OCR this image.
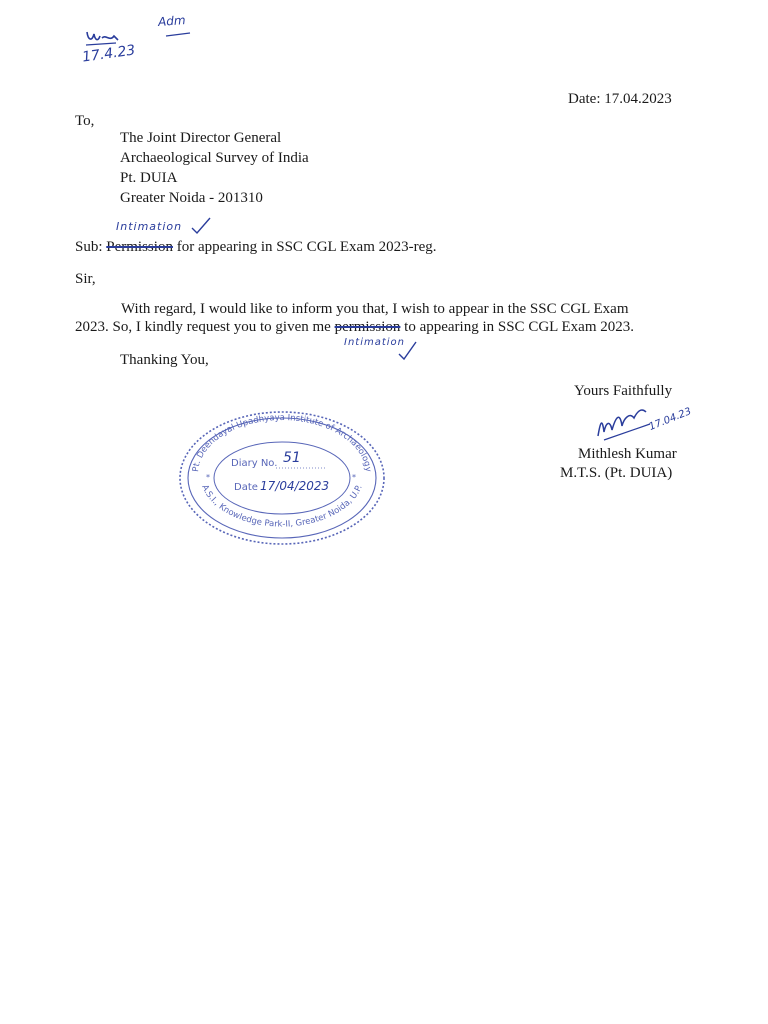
17.4.23
Adm
Date: 17.04.2023
To,
The Joint Director General
Archaeological Survey of India
Pt. DUIA
Greater Noida - 201310
Intimation
Sub: Permission for appearing in SSC CGL Exam 2023-reg.
Sir,
With regard, I would like to inform you that, I wish to appear in the SSC CGL Exam
2023. So, I kindly request you to given me permission to appearing in SSC CGL Exam 2023.
Intimation
Thanking You,
Yours Faithfully
17.04.23
Mithlesh Kumar
M.T.S. (Pt. DUIA)
Pt. Deendayal Upadhyaya Institute of Archaeology
A.S.I., Knowledge Park-II, Greater Noida, U.P.
Diary No. 51
Date 17/04/2023
*	*
